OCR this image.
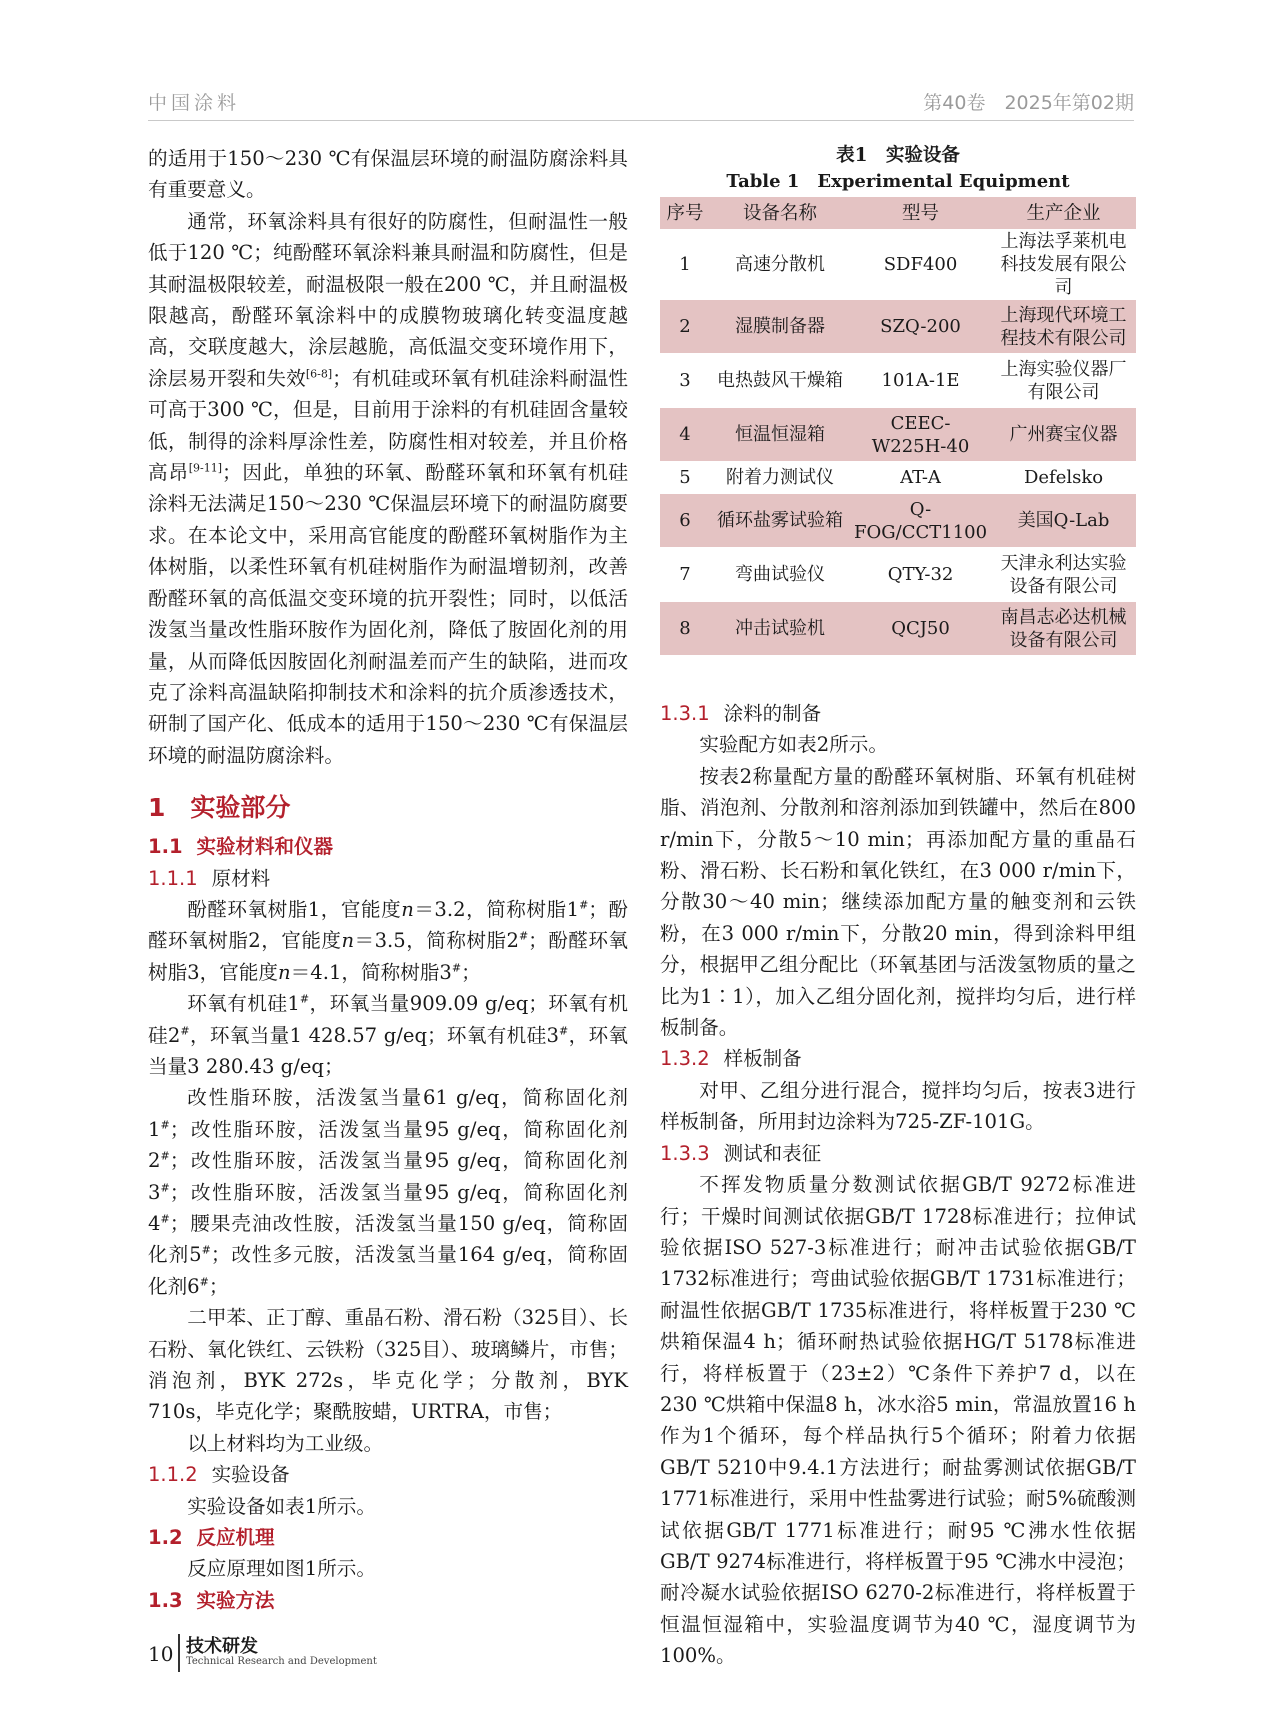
中国涂料	第40卷　2025年第02期

的适用于150～230 ℃有保温层环境的耐温防腐涂料具有重要意义。

通常，环氧涂料具有很好的防腐性，但耐温性一般低于120 ℃；纯酚醛环氧涂料兼具耐温和防腐性，但是其耐温极限较差，耐温极限一般在200 ℃，并且耐温极限越高，酚醛环氧涂料中的成膜物玻璃化转变温度越高，交联度越大，涂层越脆，高低温交变环境作用下，涂层易开裂和失效[6-8]；有机硅或环氧有机硅涂料耐温性可高于300 ℃，但是，目前用于涂料的有机硅固含量较低，制得的涂料厚涂性差，防腐性相对较差，并且价格高昂[9-11]；因此，单独的环氧、酚醛环氧和环氧有机硅涂料无法满足150～230 ℃保温层环境下的耐温防腐要求。在本论文中，采用高官能度的酚醛环氧树脂作为主体树脂，以柔性环氧有机硅树脂作为耐温增韧剂，改善酚醛环氧的高低温交变环境的抗开裂性；同时，以低活泼氢当量改性脂环胺作为固化剂，降低了胺固化剂的用量，从而降低因胺固化剂耐温差而产生的缺陷，进而攻克了涂料高温缺陷抑制技术和涂料的抗介质渗透技术，研制了国产化、低成本的适用于150～230 ℃有保温层环境的耐温防腐涂料。

1　 实验部分
1.1 实验材料和仪器
1.1.1 原材料

酚醛环氧树脂1，官能度n＝3.2，简称树脂1#；酚醛环氧树脂2，官能度n＝3.5，简称树脂2#；酚醛环氧树脂3，官能度n＝4.1，简称树脂3#；

环氧有机硅1#，环氧当量909.09 g/eq；环氧有机硅2#，环氧当量1 428.57 g/eq；环氧有机硅3#，环氧当量3 280.43 g/eq；

改性脂环胺，活泼氢当量61 g/eq，简称固化剂1#；改性脂环胺，活泼氢当量95 g/eq，简称固化剂2#；改性脂环胺，活泼氢当量95 g/eq，简称固化剂3#；改性脂环胺，活泼氢当量95 g/eq，简称固化剂4#；腰果壳油改性胺，活泼氢当量150 g/eq，简称固化剂5#；改性多元胺，活泼氢当量164 g/eq，简称固化剂6#；

二甲苯、正丁醇、重晶石粉、滑石粉（325目）、长石粉、氧化铁红、云铁粉（325目）、玻璃鳞片，市售；消泡剂，BYK 272s，毕克化学；分散剂，BYK 710s，毕克化学；聚酰胺蜡，URTRA，市售；

以上材料均为工业级。

1.1.2 实验设备

实验设备如表1所示。

1.2 反应机理

反应原理如图1所示。

1.3 实验方法
表1　实验设备
Table 1　Experimental Equipment
序号	设备名称	型号	生产企业
1	高速分散机	SDF400	上海法孚莱机电科技发展有限公司
2	湿膜制备器	SZQ-200	上海现代环境工程技术有限公司
3	电热鼓风干燥箱	101A-1E	上海实验仪器厂有限公司
4	恒温恒湿箱	CEEC-W225H-40	广州赛宝仪器
5	附着力测试仪	AT-A	Defelsko
6	循环盐雾试验箱	Q-FOG/CCT1100	美国Q-Lab
7	弯曲试验仪	QTY-32	天津永利达实验设备有限公司
8	冲击试验机	QCJ50	南昌志必达机械设备有限公司
1.3.1 涂料的制备

实验配方如表2所示。

按表2称量配方量的酚醛环氧树脂、环氧有机硅树脂、消泡剂、分散剂和溶剂添加到铁罐中，然后在800 r/min下，分散5～10 min；再添加配方量的重晶石粉、滑石粉、长石粉和氧化铁红，在3 000 r/min下，分散30～40 min；继续添加配方量的触变剂和云铁粉，在3 000 r/min下，分散20 min，得到涂料甲组分，根据甲乙组分配比（环氧基团与活泼氢物质的量之比为1∶1），加入乙组分固化剂，搅拌均匀后，进行样板制备。

1.3.2 样板制备

对甲、乙组分进行混合，搅拌均匀后，按表3进行样板制备，所用封边涂料为725-ZF-101G。

1.3.3 测试和表征

不挥发物质量分数测试依据GB/T 9272标准进行；干燥时间测试依据GB/T 1728标准进行；拉伸试验依据ISO 527-3标准进行；耐冲击试验依据GB/T 1732标准进行；弯曲试验依据GB/T 1731标准进行；耐温性依据GB/T 1735标准进行，将样板置于230 ℃烘箱保温4 h；循环耐热试验依据HG/T 5178标准进行，将样板置于（23±2）℃条件下养护7 d，以在230 ℃烘箱中保温8 h，冰水浴5 min，常温放置16 h作为1个循环，每个样品执行5个循环；附着力依据GB/T 5210中9.4.1方法进行；耐盐雾测试依据GB/T 1771标准进行，采用中性盐雾进行试验；耐5%硫酸测试依据GB/T 1771标准进行；耐95 ℃沸水性依据GB/T 9274标准进行，将样板置于95 ℃沸水中浸泡；耐冷凝水试验依据ISO 6270-2标准进行，将样板置于恒温恒湿箱中，实验温度调节为40 ℃，湿度调节为100%。

10 技术研发
Technical Research and Development
